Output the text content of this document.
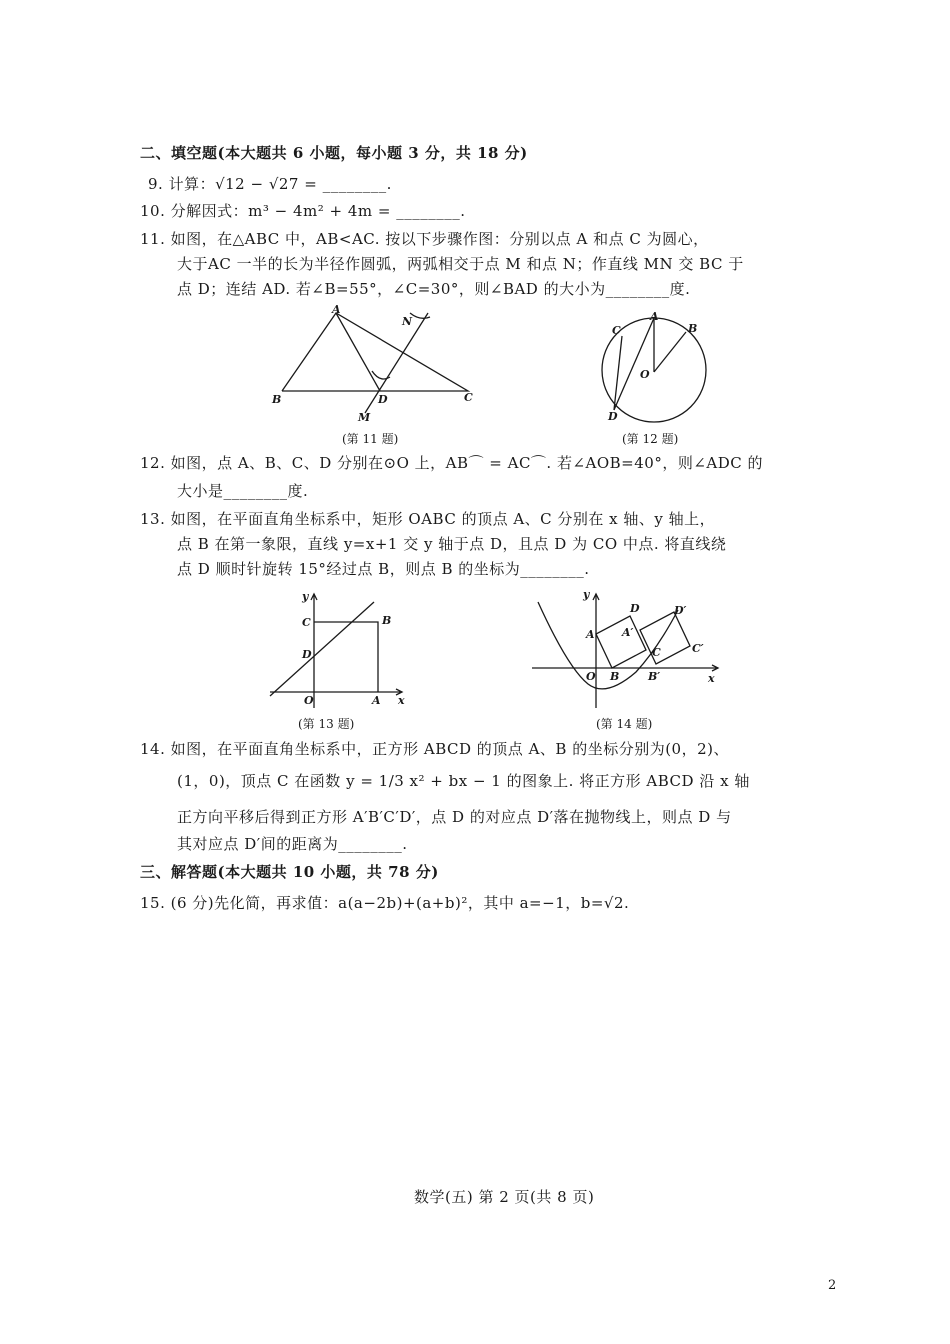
二、填空题(本大题共 6 小题，每小题 3 分，共 18 分)
9. 计算：√12 − √27 = ________.
10. 分解因式：m³ − 4m² + 4m = ________.
11. 如图，在△ABC 中，AB<AC. 按以下步骤作图：分别以点 A 和点 C 为圆心，
大于AC 一半的长为半径作圆弧，两弧相交于点 M 和点 N；作直线 MN 交 BC 于
点 D；连结 AD. 若∠B=55°，∠C=30°，则∠BAD 的大小为________度.
A
B	C
D
M
N
(第 11 题)
A
B
C
D
O
(第 12 题)
12. 如图，点 A、B、C、D 分别在⊙O 上，AB⌒ = AC⌒. 若∠AOB=40°，则∠ADC 的
大小是________度.
13. 如图，在平面直角坐标系中，矩形 OABC 的顶点 A、C 分别在 x 轴、y 轴上，
点 B 在第一象限，直线 y=x+1 交 y 轴于点 D，且点 D 为 CO 中点. 将直线绕
点 D 顺时针旋转 15°经过点 B，则点 B 的坐标为________.
y
x
B
C
D
O	A
(第 13 题)
y
x
D	D′
A A′
C	C′
O B	B′
(第 14 题)
14. 如图，在平面直角坐标系中，正方形 ABCD 的顶点 A、B 的坐标分别为(0，2)、
(1，0)，顶点 C 在函数 y = 1/3 x² + bx − 1 的图象上. 将正方形 ABCD 沿 x 轴
正方向平移后得到正方形 A′B′C′D′，点 D 的对应点 D′落在抛物线上，则点 D 与
其对应点 D′间的距离为________.
三、解答题(本大题共 10 小题，共 78 分)
15. (6 分)先化简，再求值：a(a−2b)+(a+b)²，其中 a=−1，b=√2.
数学(五) 第 2 页(共 8 页)
2
